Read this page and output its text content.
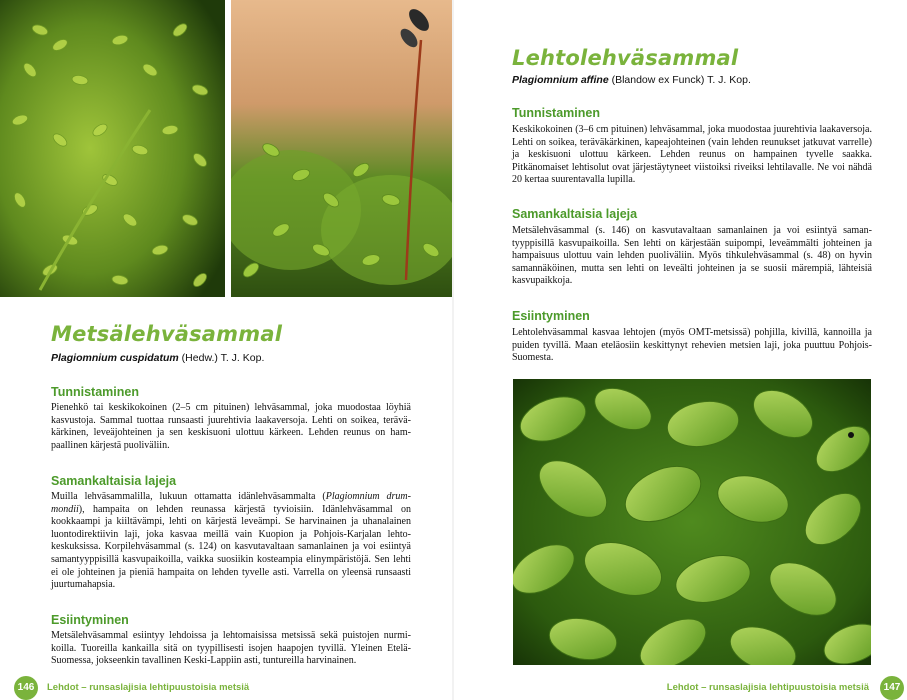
Metsälehväsammal
Plagiomnium cuspidatum (Hedw.) T. J. Kop.
Tunnistaminen

Pienehkö tai keskikokoinen (2–5 cm pituinen) lehväsammal, joka muodostaa löyhiä kasvustoja. Sammal tuottaa runsaasti juurehtivia laakaversoja. Lehti on soikea, teräväkärkinen, leveäjohteinen ja sen keskisuoni ulottuu kärkeen. Lehden reunus on hampaallinen kärjestä puoliväliin.

Samankaltaisia lajeja

Muilla lehväsammalilla, lukuun ottamatta idänlehväsammalta (Plagiomnium drummondii), hampaita on lehden reunassa kärjestä tyvioisiin. Idänlehväsammal on kookkaampi ja kiiltävämpi, lehti on kärjestä leveämpi. Se harvinainen ja uhanalainen luontodirektiivin laji, joka kasvaa meillä vain Kuopion ja Pohjois-Karjalan lehtokeskuksissa. Korpilehväsammal (s. 124) on kasvutavaltaan samanlainen ja voi esiintyä samantyyppisillä kasvupaikoilla, vaikka suosiikin kosteampia elinympäristöjä. Sen lehti ei ole johteinen ja pieniä hampaita on lehden tyvelle asti. Varrella on yleensä runsaasti juurtumahapsia.

Esiintyminen

Metsälehväsammal esiintyy lehdoissa ja lehtomaisissa metsissä sekä puistojen nurmikoilla. Tuoreilla kankailla sitä on tyypillisesti isojen haapojen tyvillä. Yleinen Etelä-Suomessa, jokseenkin tavallinen Keski-Lappiin asti, tuntureilla harvinainen.

146	Lehdot – runsaslajisia lehtipuustoisia metsiä
Lehtolehväsammal
Plagiomnium affine (Blandow ex Funck) T. J. Kop.
Tunnistaminen

Keskikokoinen (3–6 cm pituinen) lehväsammal, joka muodostaa juurehtivia laakaversoja. Lehti on soikea, teräväkärkinen, kapeajohteinen (vain lehden reunukset jatkuvat varrelle) ja keskisuoni ulottuu kärkeen. Lehden reunus on hampainen tyvelle saakka. Pitkänomaiset lehtisolut ovat järjestäytyneet viistoiksi riveiksi lehtilavalle. Ne voi nähdä 20 kertaa suurentavalla lupilla.

Samankaltaisia lajeja

Metsälehväsammal (s. 146) on kasvutavaltaan samanlainen ja voi esiintyä samantyyppisillä kasvupaikoilla. Sen lehti on kärjestään suipompi, leveämmälti johteinen ja hampaisuus ulottuu vain lehden puoliväliin. Myös tihkulehväsammal (s. 48) on hyvin samannäköinen, mutta sen lehti on leveälti johteinen ja se suosii märempiä, lähteisiä kasvupaikkoja.

Esiintyminen

Lehtolehväsammal kasvaa lehtojen (myös OMT-metsissä) pohjilla, kivillä, kannoilla ja puiden tyvillä. Maan eteläosiin keskittynyt rehevien metsien laji, joka puuttuu Pohjois-Suomesta.

Lehdot – runsaslajisia lehtipuustoisia metsiä	147
